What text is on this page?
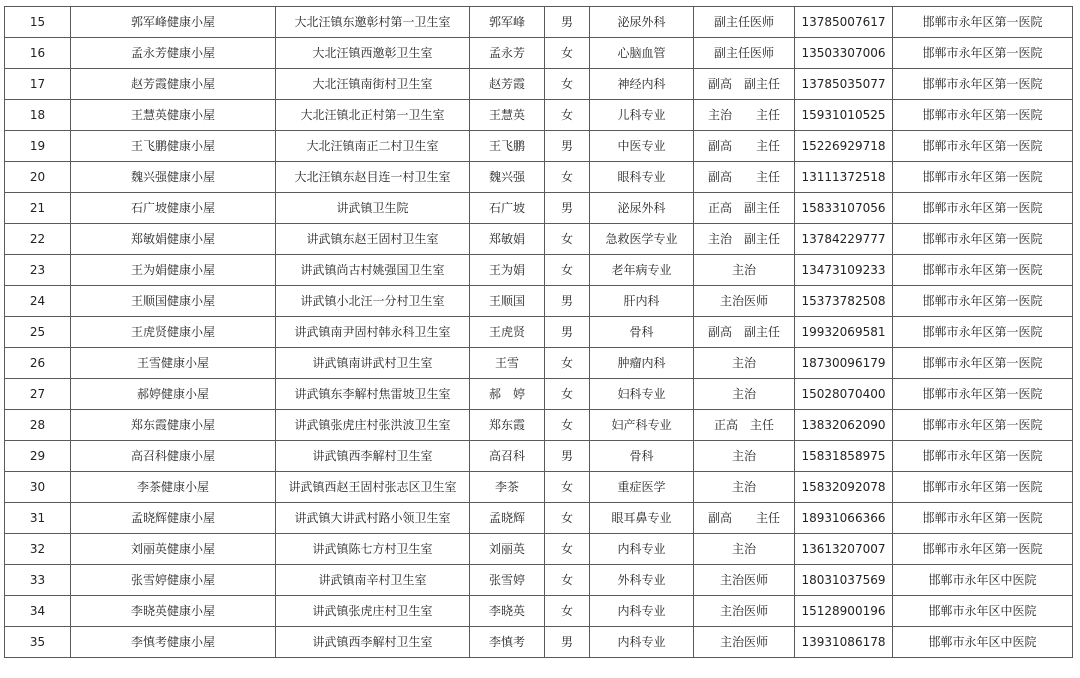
15	郭军峰健康小屋	大北汪镇东邀彰村第一卫生室	郭军峰	男	泌尿外科	副主任医师	13785007617	邯郸市永年区第一医院
16	孟永芳健康小屋	大北汪镇西邀彰卫生室	孟永芳	女	心脑血管	副主任医师	13503307006	邯郸市永年区第一医院
17	赵芳霞健康小屋	大北汪镇南街村卫生室	赵芳霞	女	神经内科	副高　副主任	13785035077	邯郸市永年区第一医院
18	王慧英健康小屋	大北汪镇北正村第一卫生室	王慧英	女	儿科专业	主治　　主任	15931010525	邯郸市永年区第一医院
19	王飞鹏健康小屋	大北汪镇南正二村卫生室	王飞鹏	男	中医专业	副高　　主任	15226929718	邯郸市永年区第一医院
20	魏兴强健康小屋	大北汪镇东赵目连一村卫生室	魏兴强	女	眼科专业	副高　　主任	13111372518	邯郸市永年区第一医院
21	石广坡健康小屋	讲武镇卫生院	石广坡	男	泌尿外科	正高　副主任	15833107056	邯郸市永年区第一医院
22	郑敏娟健康小屋	讲武镇东赵王固村卫生室	郑敏娟	女	急救医学专业	主治　副主任	13784229777	邯郸市永年区第一医院
23	王为娟健康小屋	讲武镇尚古村姚强国卫生室	王为娟	女	老年病专业	主治	13473109233	邯郸市永年区第一医院
24	王顺国健康小屋	讲武镇小北汪一分村卫生室	王顺国	男	肝内科	主治医师	15373782508	邯郸市永年区第一医院
25	王虎贤健康小屋	讲武镇南尹固村韩永科卫生室	王虎贤	男	骨科	副高　副主任	19932069581	邯郸市永年区第一医院
26	王雪健康小屋	讲武镇南讲武村卫生室	王雪	女	肿瘤内科	主治	18730096179	邯郸市永年区第一医院
27	郝婷健康小屋	讲武镇东李解村焦雷坡卫生室	郝　婷	女	妇科专业	主治	15028070400	邯郸市永年区第一医院
28	郑东霞健康小屋	讲武镇张虎庄村张洪波卫生室	郑东霞	女	妇产科专业	正高　主任	13832062090	邯郸市永年区第一医院
29	高召科健康小屋	讲武镇西李解村卫生室	高召科	男	骨科	主治	15831858975	邯郸市永年区第一医院
30	李茶健康小屋	讲武镇西赵王固村张志区卫生室	李茶	女	重症医学	主治	15832092078	邯郸市永年区第一医院
31	孟晓辉健康小屋	讲武镇大讲武村路小领卫生室	孟晓辉	女	眼耳鼻专业	副高　　主任	18931066366	邯郸市永年区第一医院
32	刘丽英健康小屋	讲武镇陈七方村卫生室	刘丽英	女	内科专业	主治	13613207007	邯郸市永年区第一医院
33	张雪婷健康小屋	讲武镇南辛村卫生室	张雪婷	女	外科专业	主治医师	18031037569	邯郸市永年区中医院
34	李晓英健康小屋	讲武镇张虎庄村卫生室	李晓英	女	内科专业	主治医师	15128900196	邯郸市永年区中医院
35	李慎考健康小屋	讲武镇西李解村卫生室	李慎考	男	内科专业	主治医师	13931086178	邯郸市永年区中医院
